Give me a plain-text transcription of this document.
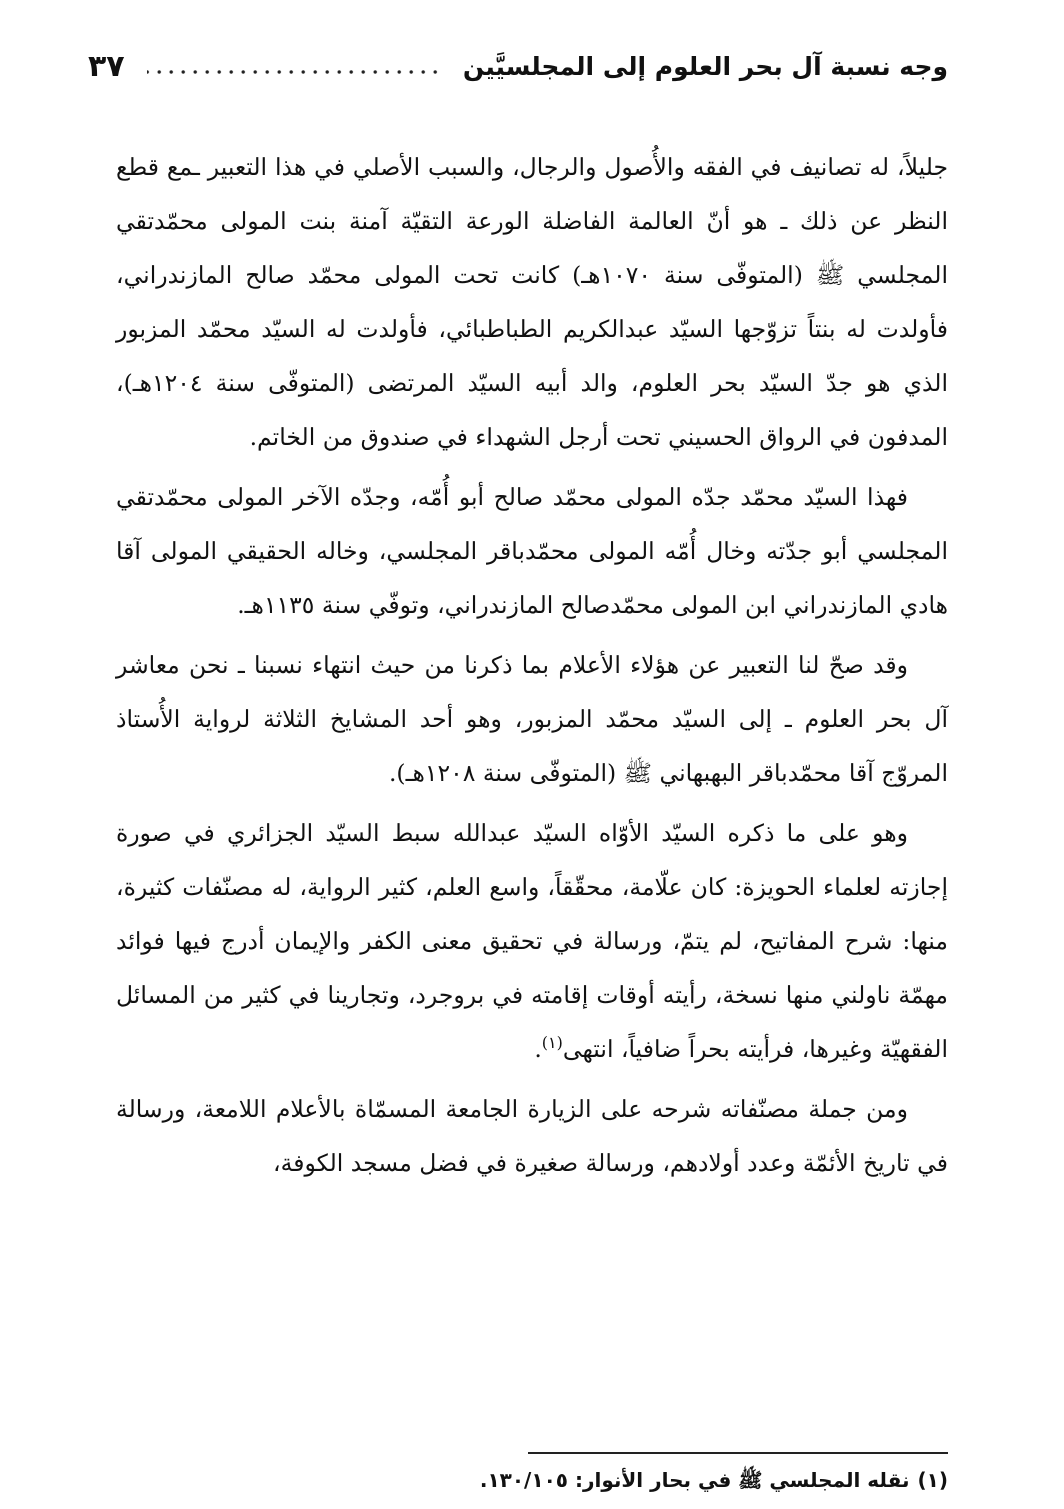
وجه نسبة آل بحر العلوم إلى المجلسيَّين
٣٧

جليلاً، له تصانيف في الفقه والأُصول والرجال، والسبب الأصلي في هذا التعبير ـمع قطع النظر عن ذلك ـ هو أنّ العالمة الفاضلة الورعة التقيّة آمنة بنت المولى محمّدتقي المجلسي ﷺ (المتوفّى سنة ١٠٧٠هـ) كانت تحت المولى محمّد صالح المازندراني، فأولدت له بنتاً تزوّجها السيّد عبدالكريم الطباطبائي، فأولدت له السيّد محمّد المزبور الذي هو جدّ السيّد بحر العلوم، والد أبيه السيّد المرتضى (المتوفّى سنة ١٢٠٤هـ)، المدفون في الرواق الحسيني تحت أرجل الشهداء في صندوق من الخاتم.

فهذا السيّد محمّد جدّه المولى محمّد صالح أبو أُمّه، وجدّه الآخر المولى محمّدتقي المجلسي أبو جدّته وخال أُمّه المولى محمّدباقر المجلسي، وخاله الحقيقي المولى آقا هادي المازندراني ابن المولى محمّدصالح المازندراني، وتوفّي سنة ١١٣٥هـ.

وقد صحّ لنا التعبير عن هؤلاء الأعلام بما ذكرنا من حيث انتهاء نسبنا ـ نحن معاشر آل بحر العلوم ـ إلى السيّد محمّد المزبور، وهو أحد المشايخ الثلاثة لرواية الأُستاذ المروّج آقا محمّدباقر البهبهاني ﷺ (المتوفّى سنة ١٢٠٨هـ).

وهو على ما ذكره السيّد الأوّاه السيّد عبدالله سبط السيّد الجزائري في صورة إجازته لعلماء الحويزة: كان علّامة، محقّقاً، واسع العلم، كثير الرواية، له مصنّفات كثيرة، منها: شرح المفاتيح، لم يتمّ، ورسالة في تحقيق معنى الكفر والإيمان أدرج فيها فوائد مهمّة ناولني منها نسخة، رأيته أوقات إقامته في بروجرد، وتجارينا في كثير من المسائل الفقهيّة وغيرها، فرأيته بحراً ضافياً، انتهى$^{(١)}$.

ومن جملة مصنّفاته شرحه على الزيارة الجامعة المسمّاة بالأعلام اللامعة، ورسالة في تاريخ الأئمّة وعدد أولادهم، ورسالة صغيرة في فضل مسجد الكوفة،

(١)نقله المجلسي ﷺ في بحار الأنوار: ١٣٠/١٠٥.
